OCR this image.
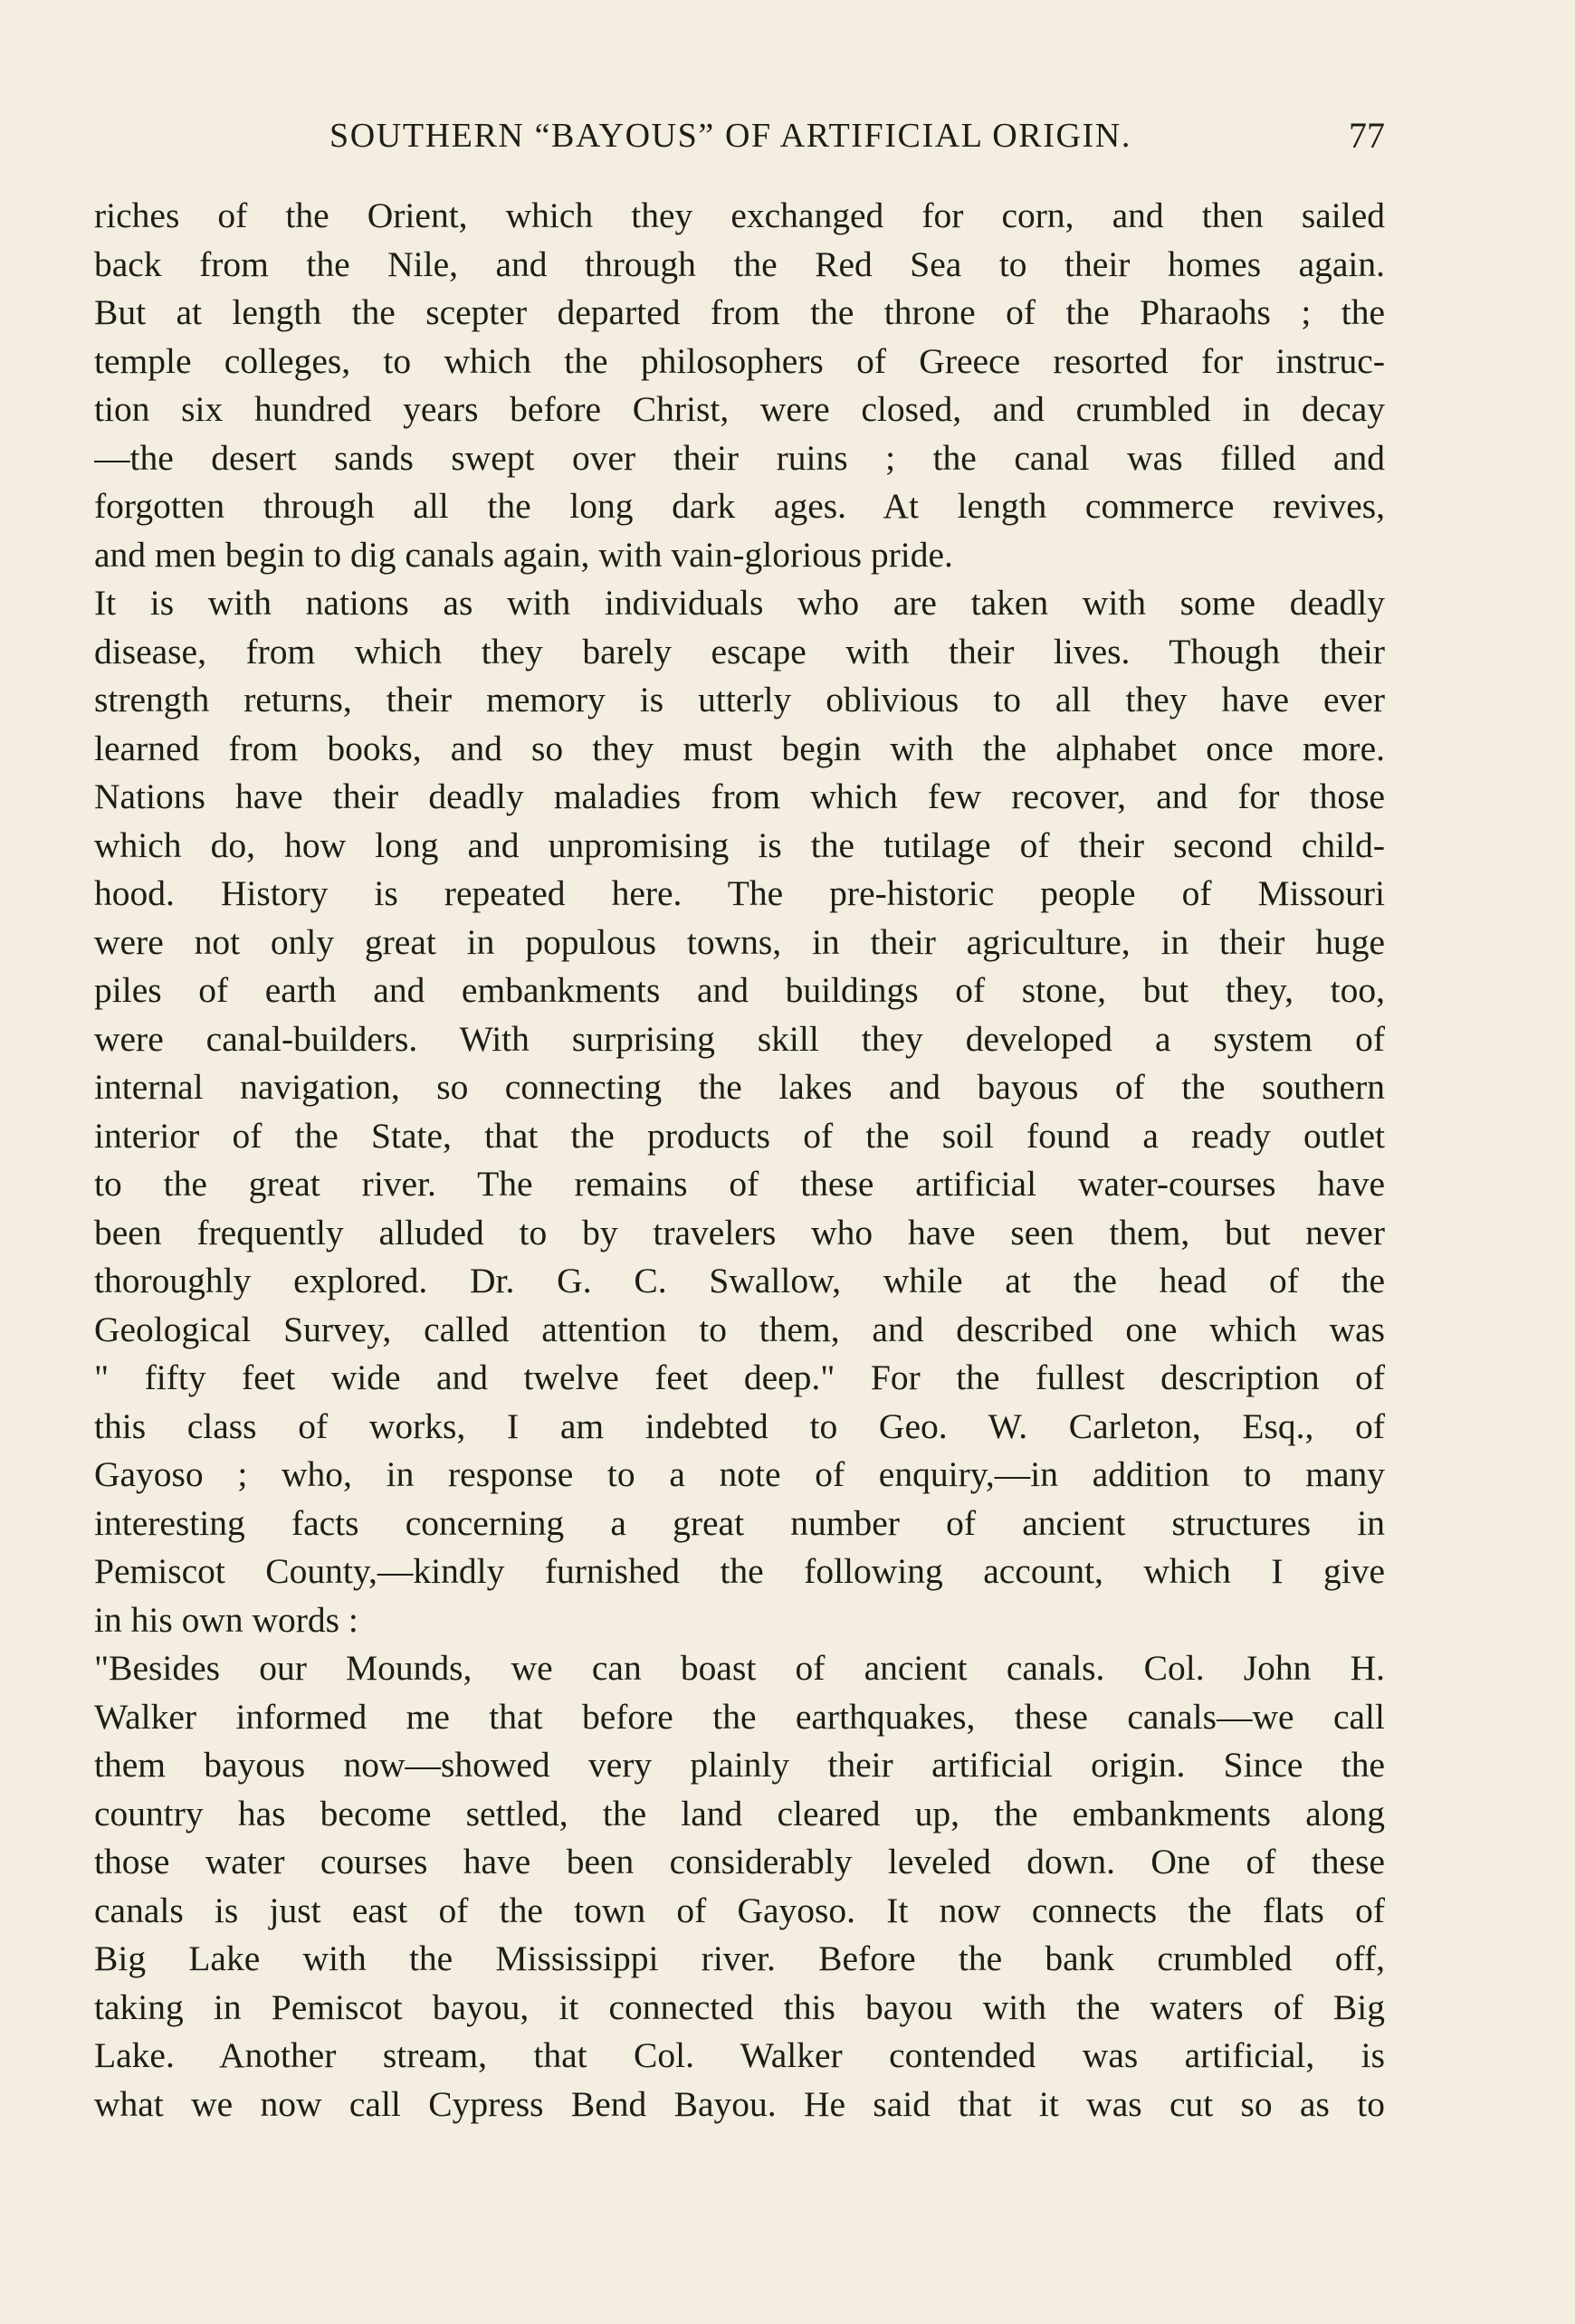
SOUTHERN “BAYOUS” OF ARTIFICIAL ORIGIN.	77
riches of the Orient, which they exchanged for corn, and then sailed
back from the Nile, and through the Red Sea to their homes again.
But at length the scepter departed from the throne of the Pharaohs ; the
temple colleges, to which the philosophers of Greece resorted for instruc-
tion six hundred years before Christ, were closed, and crumbled in decay
—the desert sands swept over their ruins ; the canal was filled and
forgotten through all the long dark ages. At length commerce revives,
and men begin to dig canals again, with vain-glorious pride.
It is with nations as with individuals who are taken with some deadly
disease, from which they barely escape with their lives. Though their
strength returns, their memory is utterly oblivious to all they have ever
learned from books, and so they must begin with the alphabet once more.
Nations have their deadly maladies from which few recover, and for those
which do, how long and unpromising is the tutilage of their second child-
hood. History is repeated here. The pre-historic people of Missouri
were not only great in populous towns, in their agriculture, in their huge
piles of earth and embankments and buildings of stone, but they, too,
were canal-builders. With surprising skill they developed a system of
internal navigation, so connecting the lakes and bayous of the southern
interior of the State, that the products of the soil found a ready outlet
to the great river. The remains of these artificial water-courses have
been frequently alluded to by travelers who have seen them, but never
thoroughly explored. Dr. G. C. Swallow, while at the head of the
Geological Survey, called attention to them, and described one which was
" fifty feet wide and twelve feet deep." For the fullest description of
this class of works, I am indebted to Geo. W. Carleton, Esq., of
Gayoso ; who, in response to a note of enquiry,—in addition to many
interesting facts concerning a great number of ancient structures in
Pemiscot County,—kindly furnished the following account, which I give
in his own words :
"Besides our Mounds, we can boast of ancient canals. Col. John H.
Walker informed me that before the earthquakes, these canals—we call
them bayous now—showed very plainly their artificial origin. Since the
country has become settled, the land cleared up, the embankments along
those water courses have been considerably leveled down. One of these
canals is just east of the town of Gayoso. It now connects the flats of
Big Lake with the Mississippi river. Before the bank crumbled off,
taking in Pemiscot bayou, it connected this bayou with the waters of Big
Lake. Another stream, that Col. Walker contended was artificial, is
what we now call Cypress Bend Bayou. He said that it was cut so as to
